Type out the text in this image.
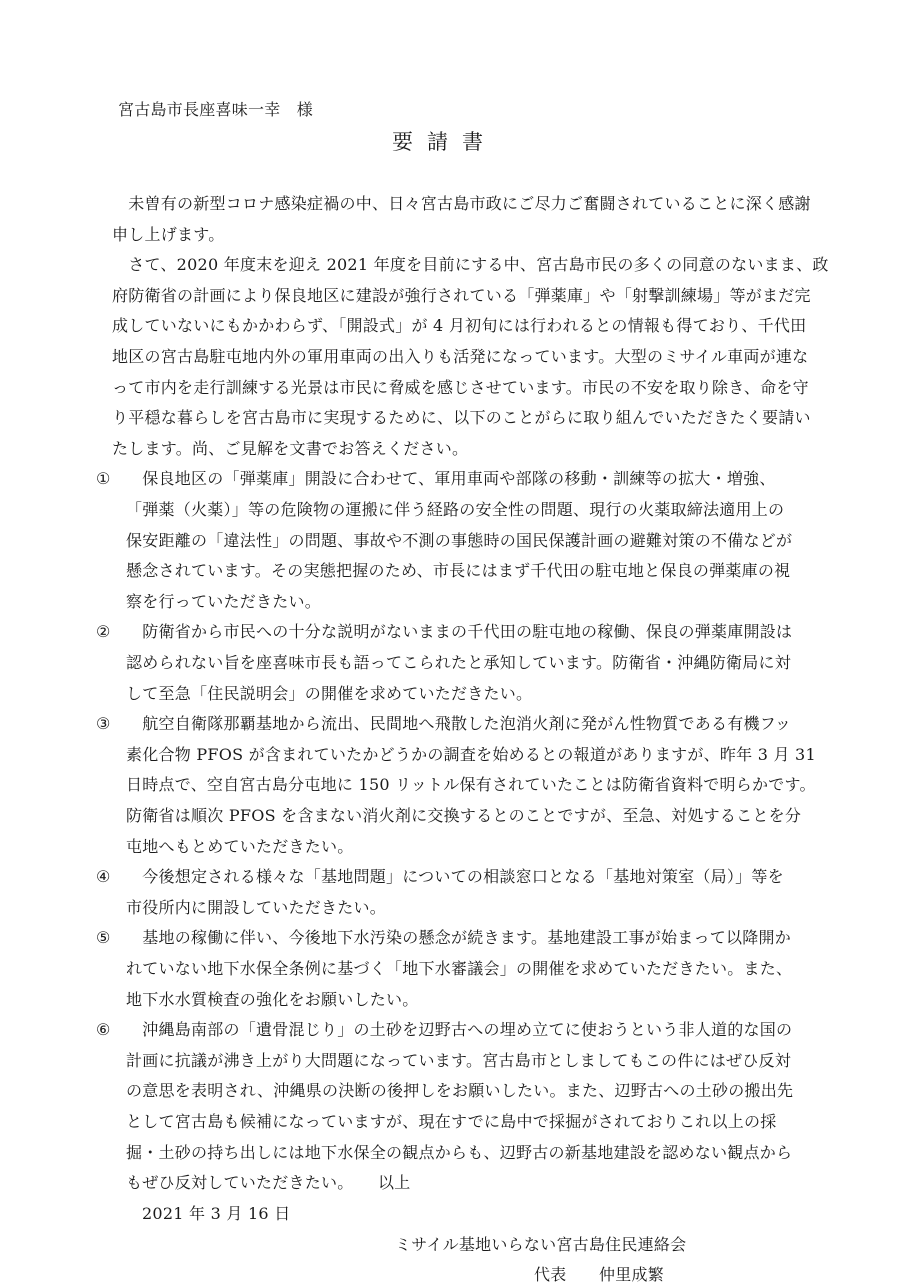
宮古島市長座喜味一幸　様
要請書
　未曽有の新型コロナ感染症禍の中、日々宮古島市政にご尽力ご奮闘されていることに深く感謝
申し上げます。
　さて、2020 年度末を迎え 2021 年度を目前にする中、宮古島市民の多くの同意のないまま、政
府防衛省の計画により保良地区に建設が強行されている「弾薬庫」や「射撃訓練場」等がまだ完
成していないにもかかわらず、「開設式」が 4 月初旬には行われるとの情報も得ており、千代田
地区の宮古島駐屯地内外の軍用車両の出入りも活発になっています。大型のミサイル車両が連な
って市内を走行訓練する光景は市民に脅威を感じさせています。市民の不安を取り除き、命を守
り平穏な暮らしを宮古島市に実現するために、以下のことがらに取り組んでいただきたく要請い
たします。尚、ご見解を文書でお答えください。
① 　保良地区の「弾薬庫」開設に合わせて、軍用車両や部隊の移動・訓練等の拡大・増強、
「弾薬（火薬）」等の危険物の運搬に伴う経路の安全性の問題、現行の火薬取締法適用上の
保安距離の「違法性」の問題、事故や不測の事態時の国民保護計画の避難対策の不備などが
懸念されています。その実態把握のため、市長にはまず千代田の駐屯地と保良の弾薬庫の視
察を行っていただきたい。
② 　防衛省から市民への十分な説明がないままの千代田の駐屯地の稼働、保良の弾薬庫開設は
認められない旨を座喜味市長も語ってこられたと承知しています。防衛省・沖縄防衛局に対
して至急「住民説明会」の開催を求めていただきたい。
③ 　航空自衛隊那覇基地から流出、民間地へ飛散した泡消火剤に発がん性物質である有機フッ
素化合物 PFOS が含まれていたかどうかの調査を始めるとの報道がありますが、昨年 3 月 31
日時点で、空自宮古島分屯地に 150 リットル保有されていたことは防衛省資料で明らかです。
防衛省は順次 PFOS を含まない消火剤に交換するとのことですが、至急、対処することを分
屯地へもとめていただきたい。
④ 　今後想定される様々な「基地問題」についての相談窓口となる「基地対策室（局）」等を
市役所内に開設していただきたい。
⑤ 　基地の稼働に伴い、今後地下水汚染の懸念が続きます。基地建設工事が始まって以降開か
れていない地下水保全条例に基づく「地下水審議会」の開催を求めていただきたい。また、
地下水水質検査の強化をお願いしたい。
⑥ 　沖縄島南部の「遺骨混じり」の土砂を辺野古への埋め立てに使おうという非人道的な国の
計画に抗議が沸き上がり大問題になっています。宮古島市としましてもこの件にはぜひ反対
の意思を表明され、沖縄県の決断の後押しをお願いしたい。また、辺野古への土砂の搬出先
として宮古島も候補になっていますが、現在すでに島中で採掘がされておりこれ以上の採
掘・土砂の持ち出しには地下水保全の観点からも、辺野古の新基地建設を認めない観点から
もぜひ反対していただきたい。　　以上
2021 年 3 月 16 日
ミサイル基地いらない宮古島住民連絡会
代表　　仲里成繁
